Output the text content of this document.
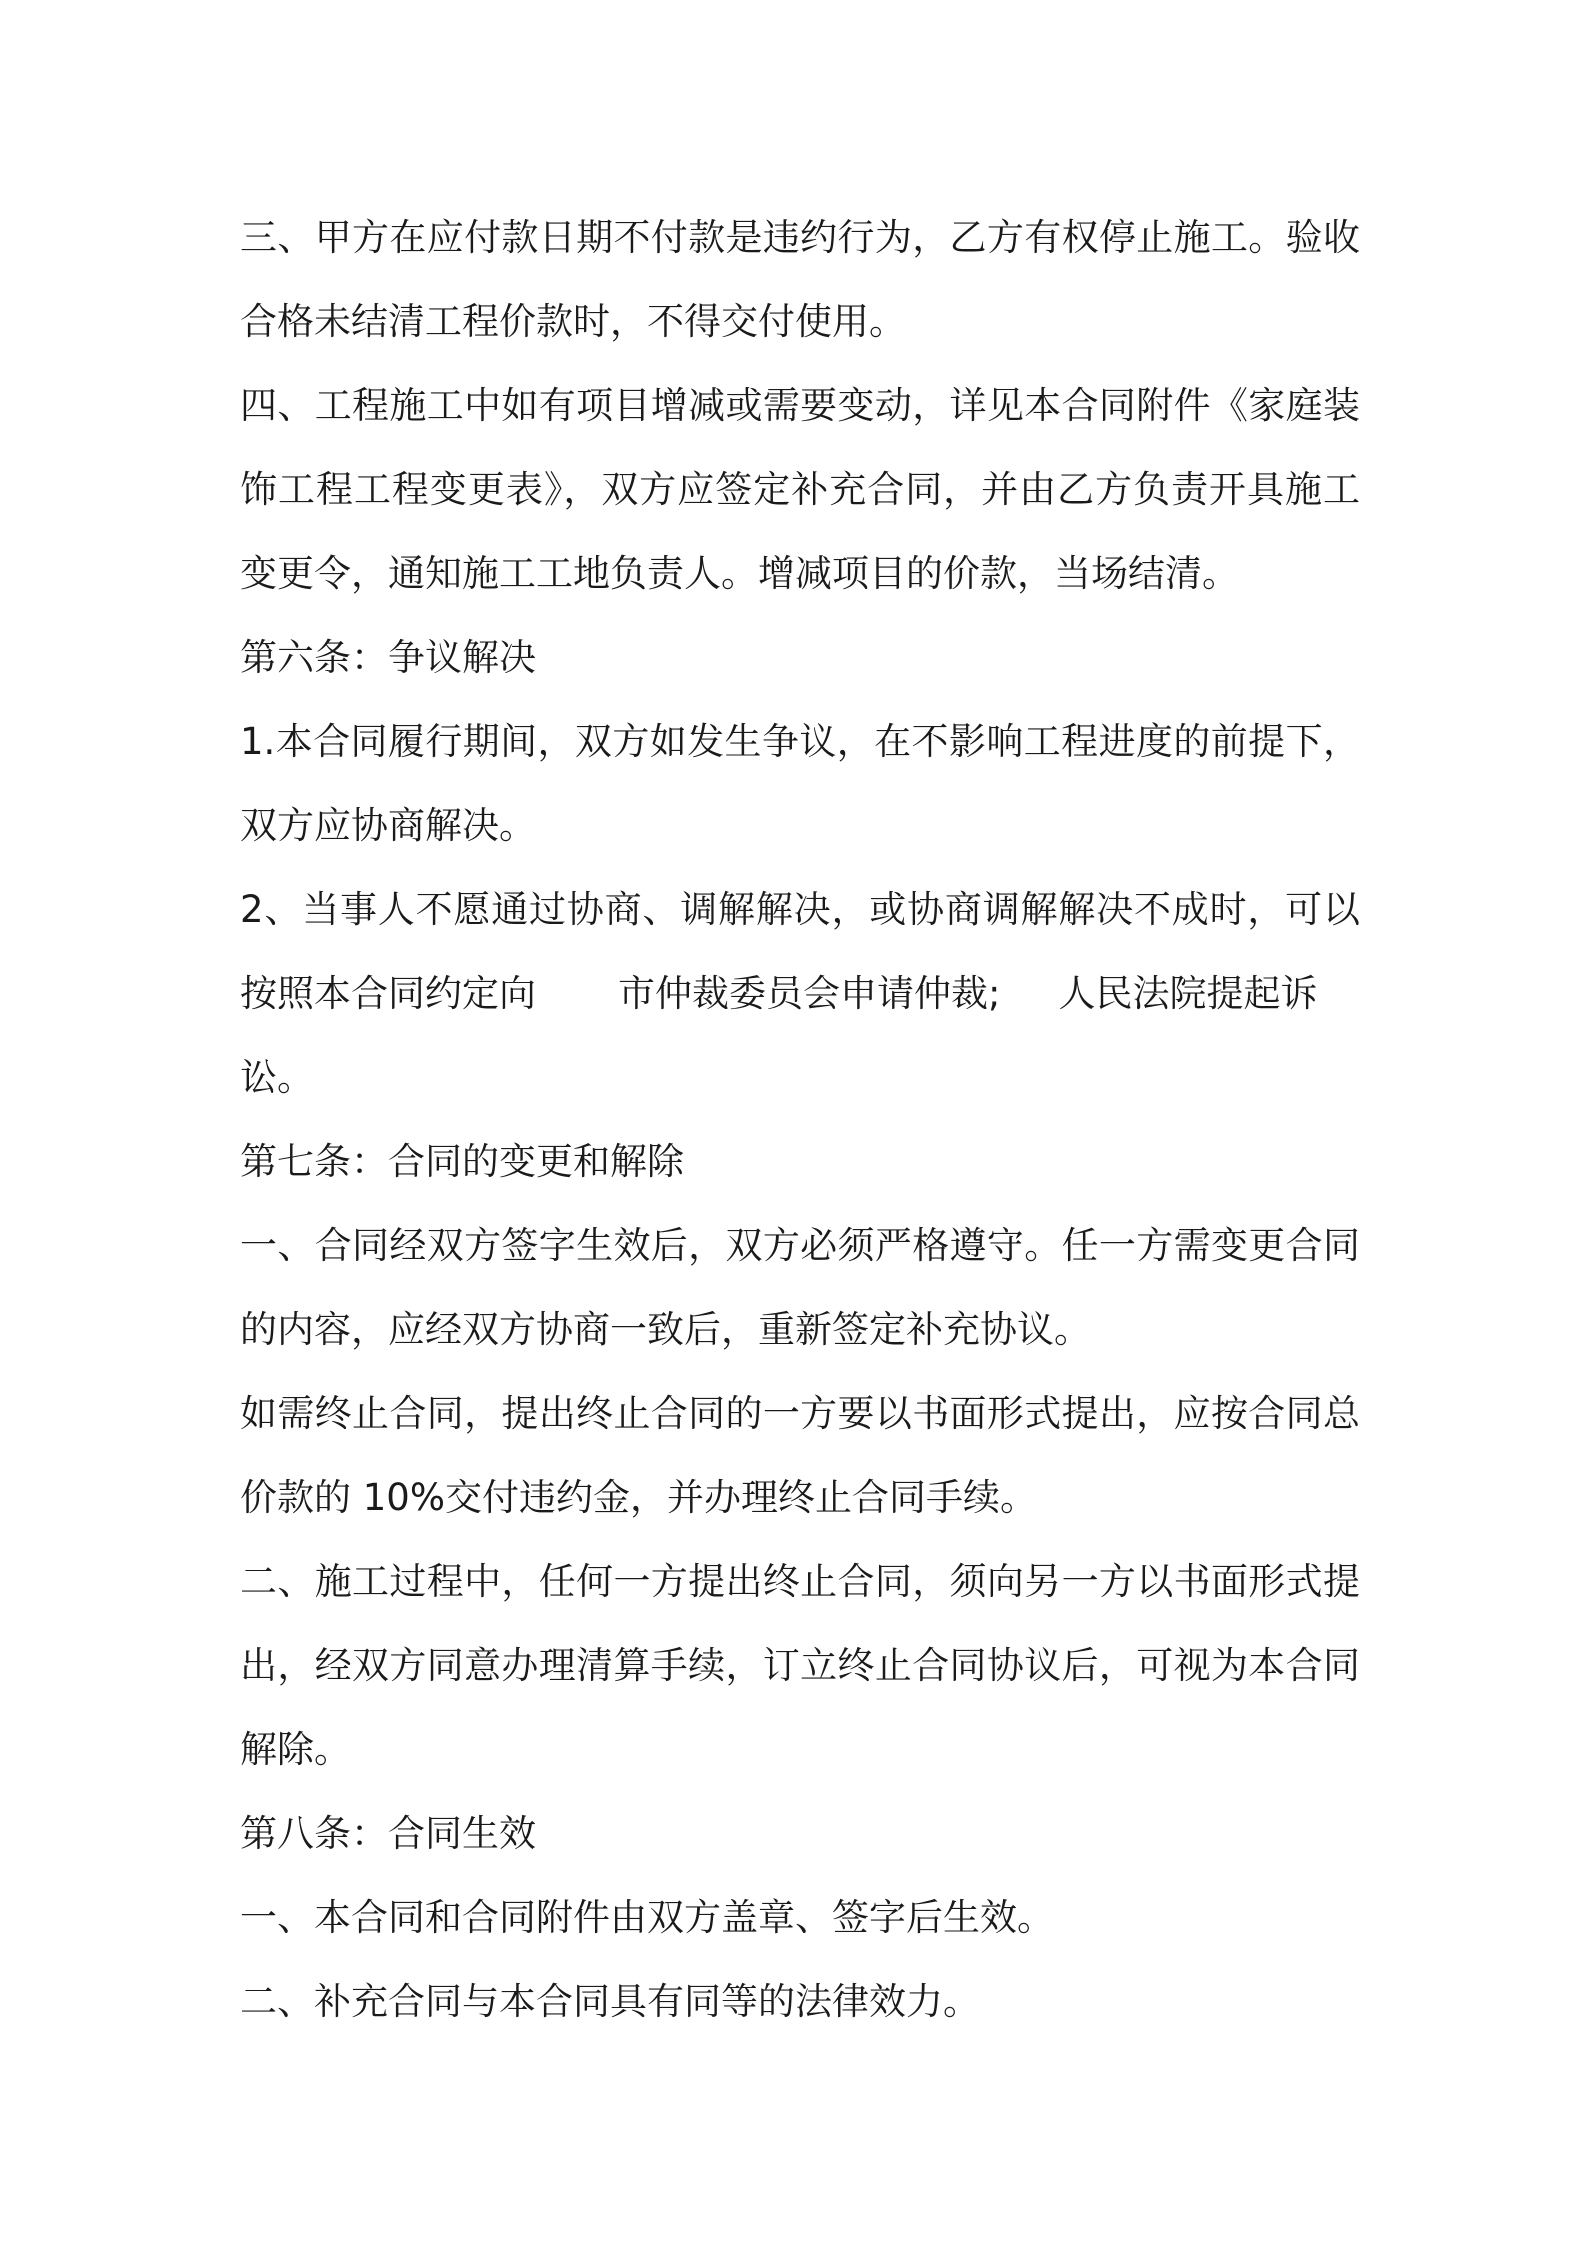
三、甲方在应付款日期不付款是违约行为，乙方有权停止施工。验收
合格未结清工程价款时，不得交付使用。
四、工程施工中如有项目增减或需要变动，详见本合同附件《家庭装
饰工程工程变更表》，双方应签定补充合同，并由乙方负责开具施工
变更令，通知施工工地负责人。增减项目的价款，当场结清。
第六条：争议解决
1.本合同履行期间，双方如发生争议，在不影响工程进度的前提下，
双方应协商解决。
2、当事人不愿通过协商、调解解决，或协商调解解决不成时，可以
按照本合同约定向 市仲裁委员会申请仲裁; 人民法院提起诉
讼。
第七条：合同的变更和解除
一、合同经双方签字生效后，双方必须严格遵守。任一方需变更合同
的内容，应经双方协商一致后，重新签定补充协议。
如需终止合同，提出终止合同的一方要以书面形式提出，应按合同总
价款的 10%交付违约金，并办理终止合同手续。
二、施工过程中，任何一方提出终止合同，须向另一方以书面形式提
出，经双方同意办理清算手续，订立终止合同协议后，可视为本合同
解除。
第八条：合同生效
一、本合同和合同附件由双方盖章、签字后生效。
二、补充合同与本合同具有同等的法律效力。
